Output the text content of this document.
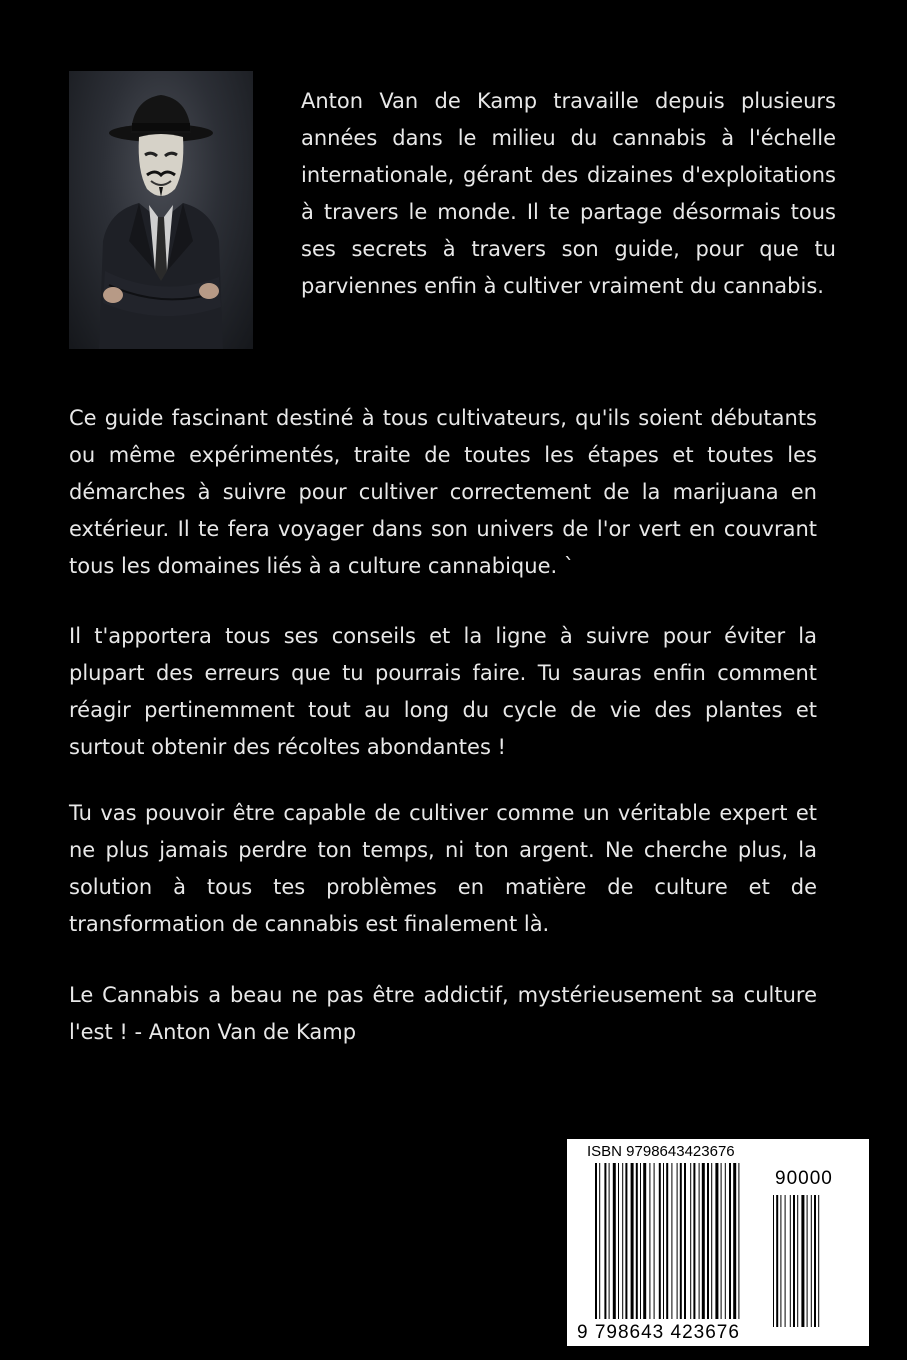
Anton Van de Kamp travaille depuis plusieurs années dans le milieu du cannabis à l'échelle internationale, gérant des dizaines d'exploitations à travers le monde. Il te partage désormais tous ses secrets à travers son guide, pour que tu parviennes enfin à cultiver vraiment du cannabis.

Ce guide fascinant destiné à tous cultivateurs, qu'ils soient débutants ou même expérimentés, traite de toutes les étapes et toutes les démarches à suivre pour cultiver correctement de la marijuana en extérieur. Il te fera voyager dans son univers de l'or vert en couvrant tous les domaines liés à a culture cannabique. `

Il t'apportera tous ses conseils et la ligne à suivre pour éviter la plupart des erreurs que tu pourrais faire. Tu sauras enfin comment réagir pertinemment tout au long du cycle de vie des plantes et surtout obtenir des récoltes abondantes !

Tu vas pouvoir être capable de cultiver comme un véritable expert et ne plus jamais perdre ton temps, ni ton argent. Ne cherche plus, la solution à tous tes problèmes en matière de culture et de transformation de cannabis est finalement là.

Le Cannabis a beau ne pas être addictif, mystérieusement sa culture l'est ! - Anton Van de Kamp

ISBN 9798643423676
90000
9 798643 423676
